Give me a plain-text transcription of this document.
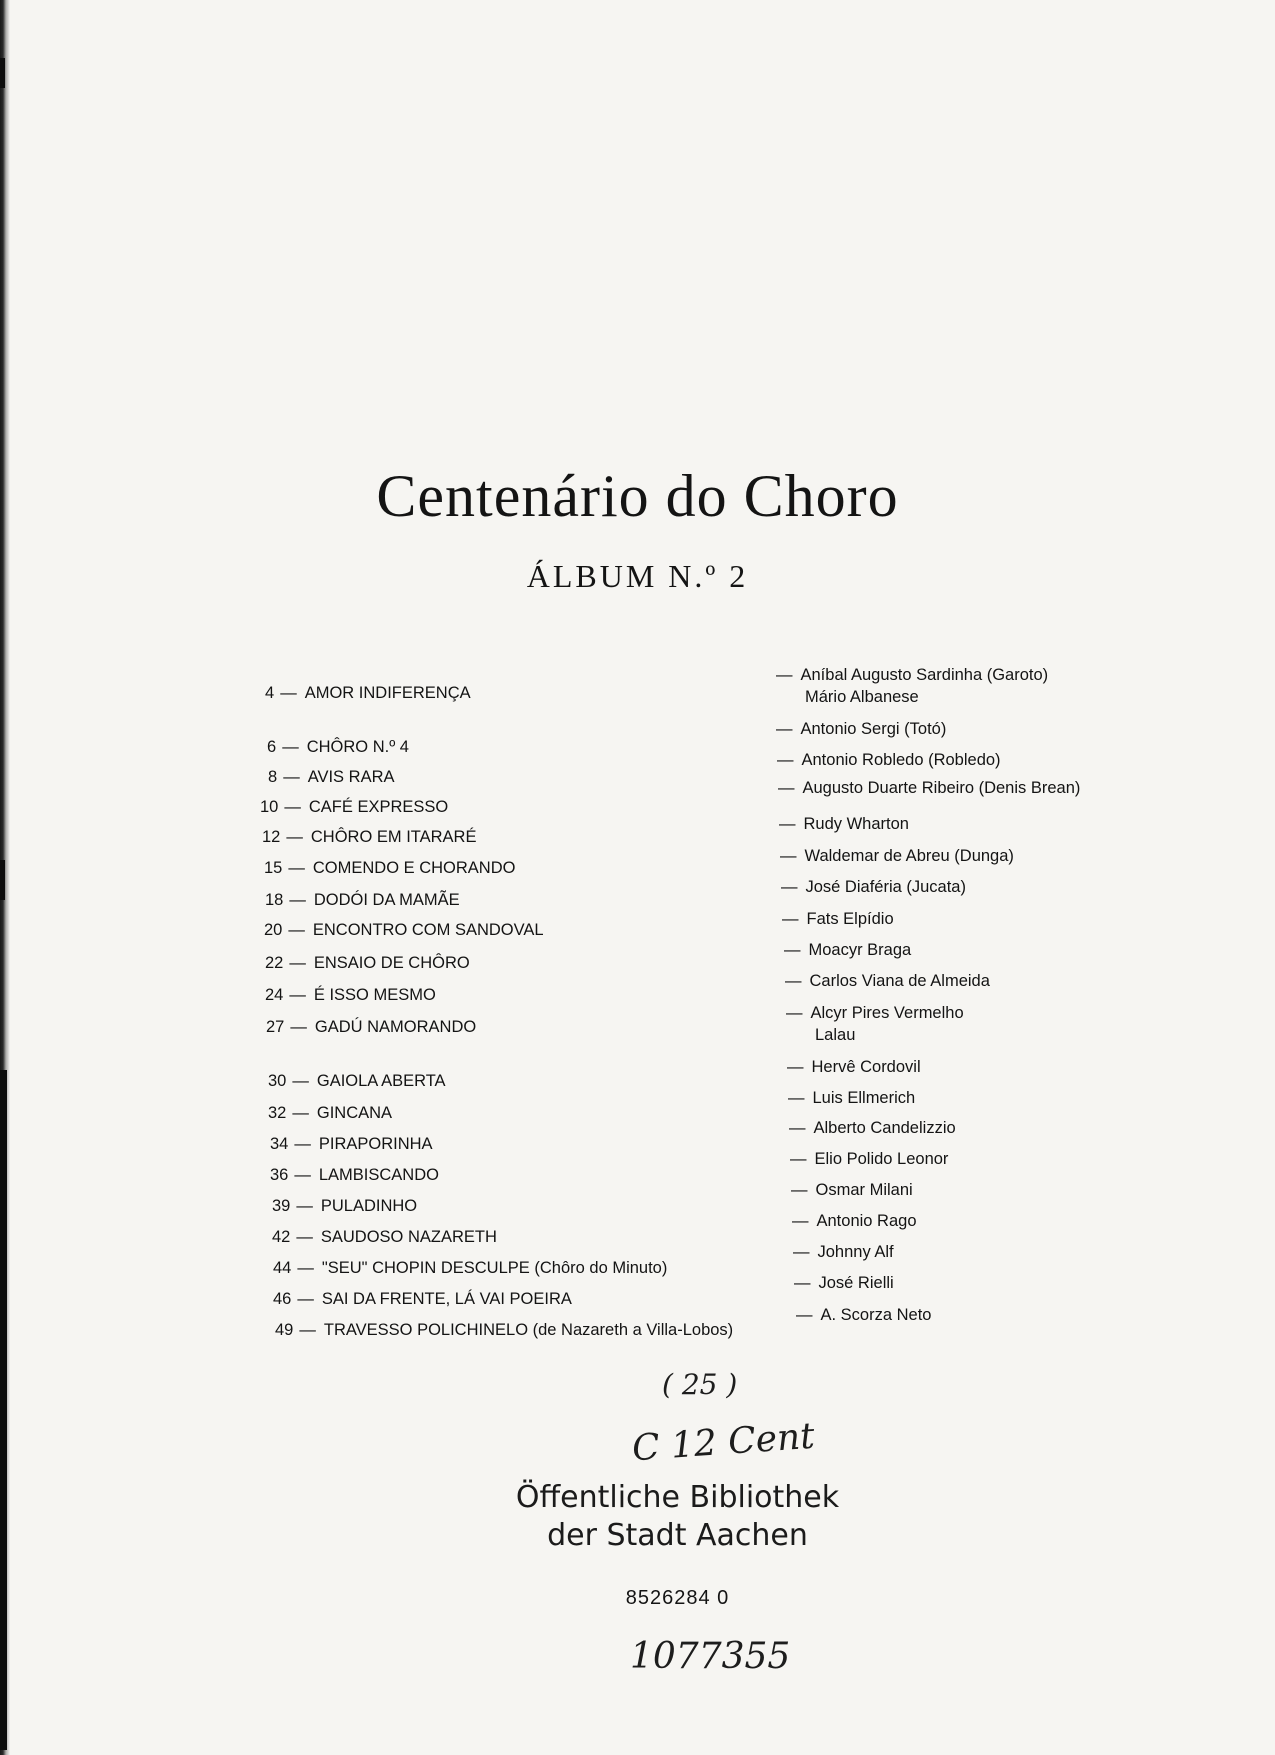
Centenário do Choro
ÁLBUM N.º 2
4 — AMOR INDIFERENÇA
— Aníbal Augusto Sardinha (Garoto)
Mário Albanese
6 — CHÔRO N.º 4
— Antonio Sergi (Totó)
8 — AVIS RARA
— Antonio Robledo (Robledo)
10 — CAFÉ EXPRESSO
— Augusto Duarte Ribeiro (Denis Brean)
12 — CHÔRO EM ITARARÉ
— Rudy Wharton
15 — COMENDO E CHORANDO
— Waldemar de Abreu (Dunga)
18 — DODÓI DA MAMÃE
— José Diaféria (Jucata)
20 — ENCONTRO COM SANDOVAL
— Fats Elpídio
22 — ENSAIO DE CHÔRO
— Moacyr Braga
24 — É ISSO MESMO
— Carlos Viana de Almeida
27 — GADÚ NAMORANDO
— Alcyr Pires Vermelho
Lalau
30 — GAIOLA ABERTA
— Hervê Cordovil
32 — GINCANA
— Luis Ellmerich
34 — PIRAPORINHA
— Alberto Candelizzio
36 — LAMBISCANDO
— Elio Polido Leonor
39 — PULADINHO
— Osmar Milani
42 — SAUDOSO NAZARETH
— Antonio Rago
44 — "SEU" CHOPIN DESCULPE (Chôro do Minuto)
— Johnny Alf
46 — SAI DA FRENTE, LÁ VAI POEIRA
— José Rielli
49 — TRAVESSO POLICHINELO (de Nazareth a Villa-Lobos)
— A. Scorza Neto
( 25 )
C 12 Cent
Öffentliche Bibliothek
der Stadt Aachen
8526284 0
1077355
